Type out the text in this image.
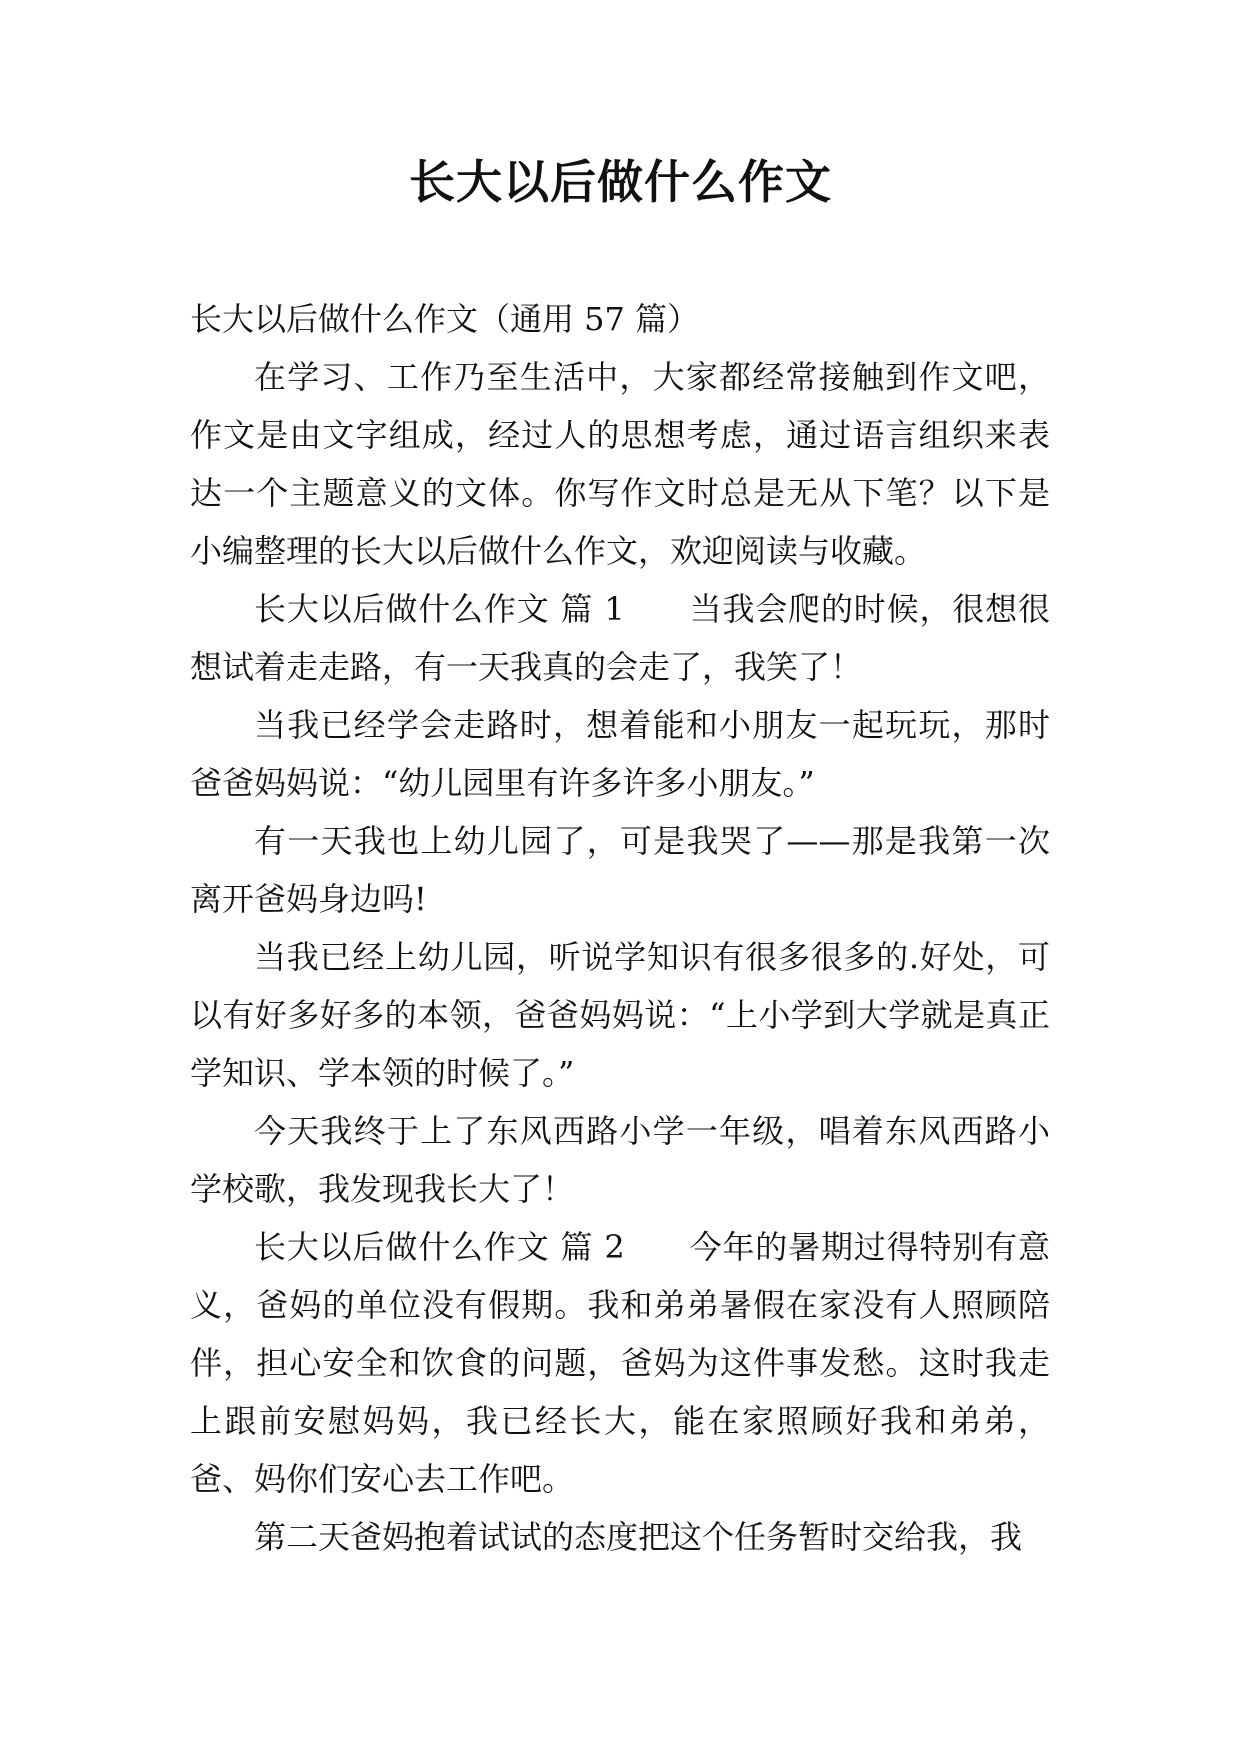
长大以后做什么作文

长大以后做什么作文（通用 57 篇）

在学习、工作乃至生活中，大家都经常接触到作文吧，作文是由文字组成，经过人的思想考虑，通过语言组织来表达一个主题意义的文体。你写作文时总是无从下笔？以下是小编整理的长大以后做什么作文，欢迎阅读与收藏。

长大以后做什么作文 篇 1 当我会爬的时候，很想很想试着走走路，有一天我真的会走了，我笑了！

当我已经学会走路时，想着能和小朋友一起玩玩，那时爸爸妈妈说：“幼儿园里有许多许多小朋友。”

有一天我也上幼儿园了，可是我哭了——那是我第一次离开爸妈身边吗!

当我已经上幼儿园，听说学知识有很多很多的.好处，可以有好多好多的本领，爸爸妈妈说：“上小学到大学就是真正学知识、学本领的时候了。”

今天我终于上了东风西路小学一年级，唱着东风西路小学校歌，我发现我长大了！

长大以后做什么作文 篇 2 今年的暑期过得特别有意义，爸妈的单位没有假期。我和弟弟暑假在家没有人照顾陪伴，担心安全和饮食的问题，爸妈为这件事发愁。这时我走上跟前安慰妈妈，我已经长大，能在家照顾好我和弟弟，爸、妈你们安心去工作吧。

第二天爸妈抱着试试的态度把这个任务暂时交给我，我
